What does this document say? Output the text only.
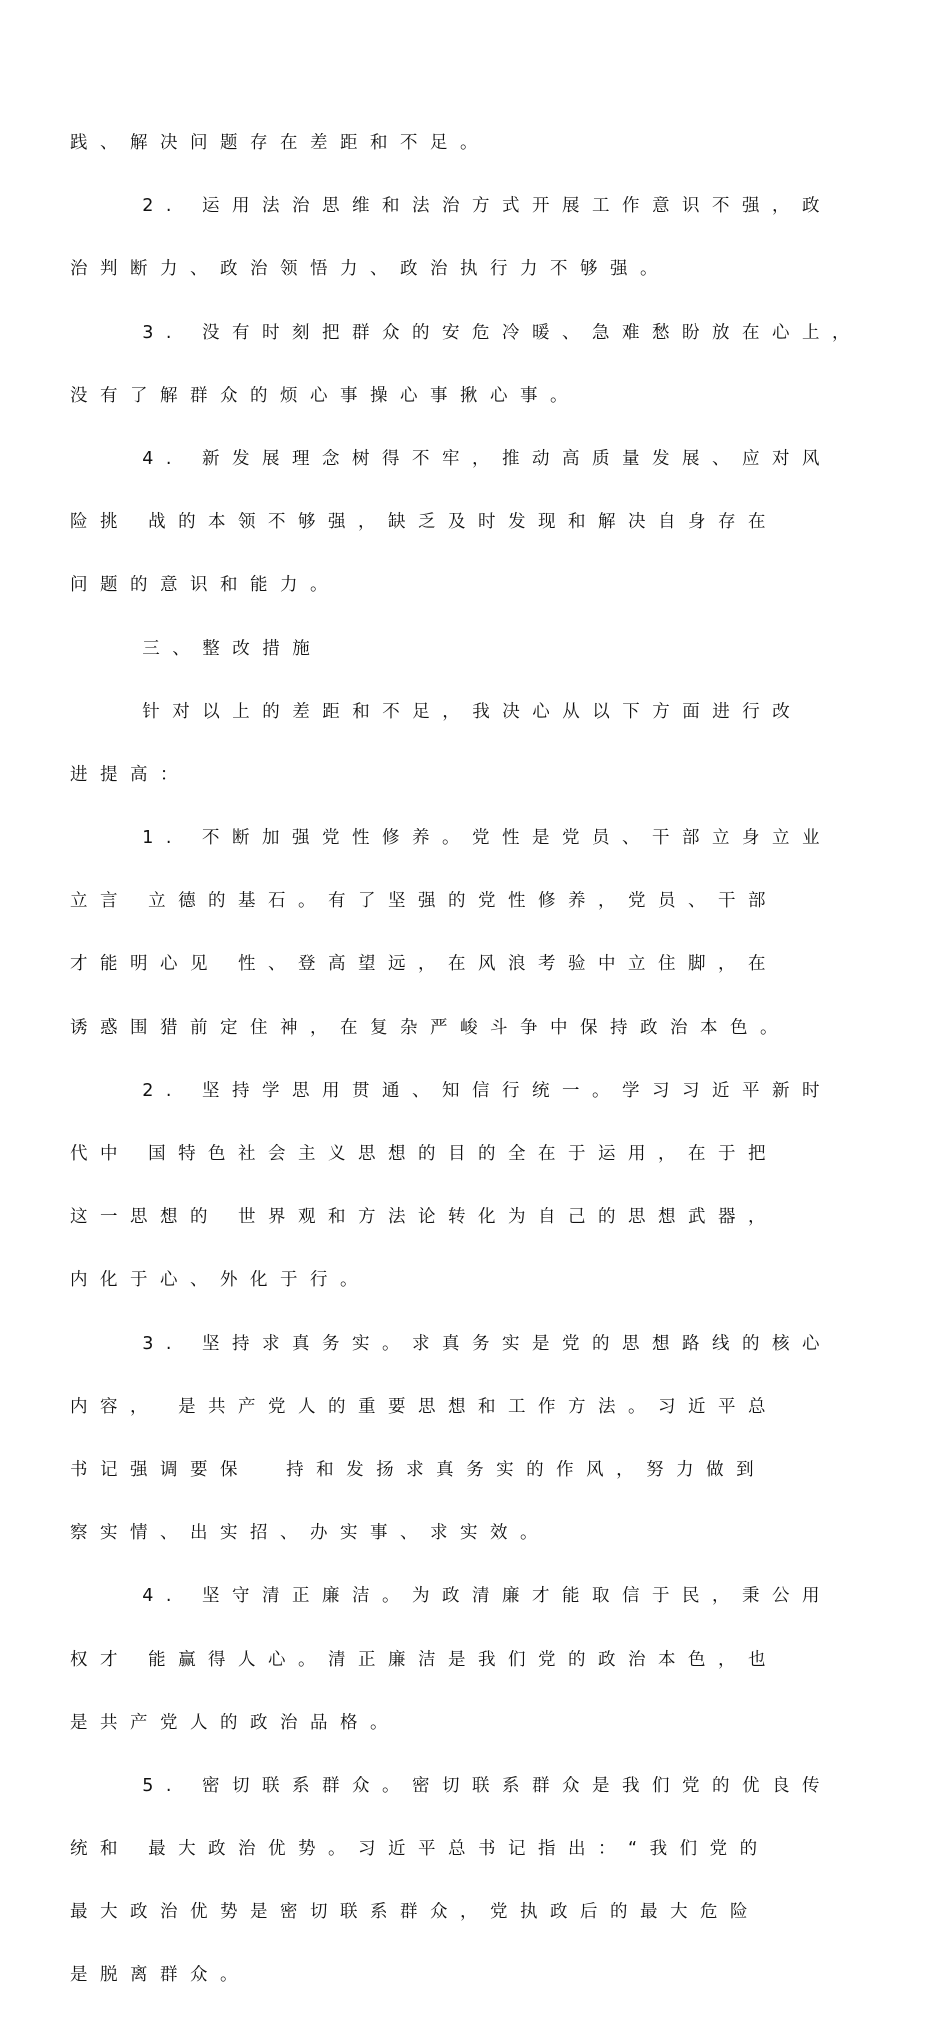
践、解决问题存在差距和不足。

2. 运用法治思维和法治方式开展工作意识不强，政

治判断力、政治领悟力、政治执行力不够强。

3. 没有时刻把群众的安危冷暖、急难愁盼放在心上，

没有了解群众的烦心事操心事揪心事。

4. 新发展理念树得不牢，推动高质量发展、应对风

险挑 战的本领不够强，缺乏及时发现和解决自身存在

问题的意识和能力。

三、整改措施

针对以上的差距和不足，我决心从以下方面进行改

进提高：

1. 不断加强党性修养。党性是党员、干部立身立业

立言 立德的基石。有了坚强的党性修养，党员、干部

才能明心见 性、登高望远，在风浪考验中立住脚，在

诱惑围猎前定住神，在复杂严峻斗争中保持政治本色。

2. 坚持学思用贯通、知信行统一。学习习近平新时

代中 国特色社会主义思想的目的全在于运用，在于把

这一思想的 世界观和方法论转化为自己的思想武器，

内化于心、外化于行。

3. 坚持求真务实。求真务实是党的思想路线的核心

内容， 是共产党人的重要思想和工作方法。习近平总

书记强调要保  持和发扬求真务实的作风，努力做到

察实情、出实招、办实事、求实效。

4. 坚守清正廉洁。为政清廉才能取信于民，秉公用

权才 能赢得人心。清正廉洁是我们党的政治本色，也

是共产党人的政治品格。

5. 密切联系群众。密切联系群众是我们党的优良传

统和 最大政治优势。习近平总书记指出：“我们党的

最大政治优势是密切联系群众，党执政后的最大危险

是脱离群众。
